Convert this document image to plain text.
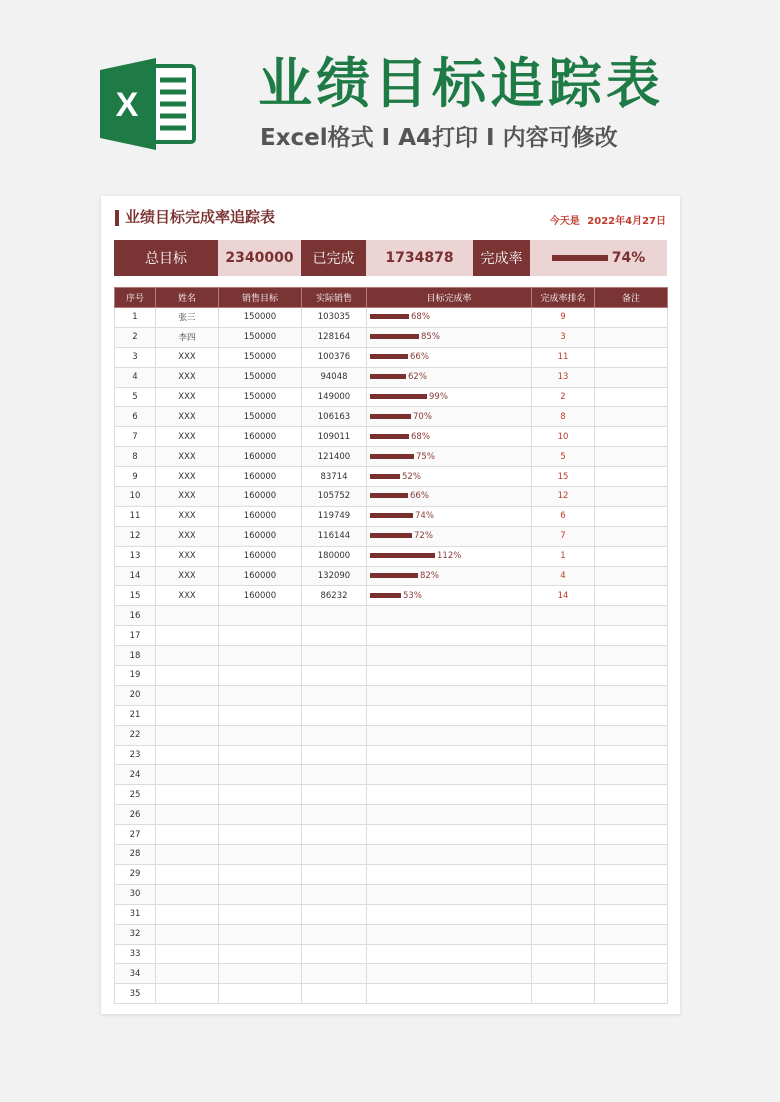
X 业绩目标追踪表
Excel格式 I A4打印 I 内容可修改
业绩目标完成率追踪表	今天是 2022年4月27日
总目标	2340000	已完成	1734878	完成率	74%
序号	姓名	销售目标	实际销售	目标完成率	完成率排名	备注
1	张三	150000	103035	68%	9	
2	李四	150000	128164	85%	3	
3	XXX	150000	100376	66%	11	
4	XXX	150000	94048	62%	13	
5	XXX	150000	149000	99%	2	
6	XXX	150000	106163	70%	8	
7	XXX	160000	109011	68%	10	
8	XXX	160000	121400	75%	5	
9	XXX	160000	83714	52%	15	
10	XXX	160000	105752	66%	12	
11	XXX	160000	119749	74%	6	
12	XXX	160000	116144	72%	7	
13	XXX	160000	180000	112%	1	
14	XXX	160000	132090	82%	4	
15	XXX	160000	86232	53%	14	
16						
17						
18						
19						
20						
21						
22						
23						
24						
25						
26						
27						
28						
29						
30						
31						
32						
33						
34						
35						
